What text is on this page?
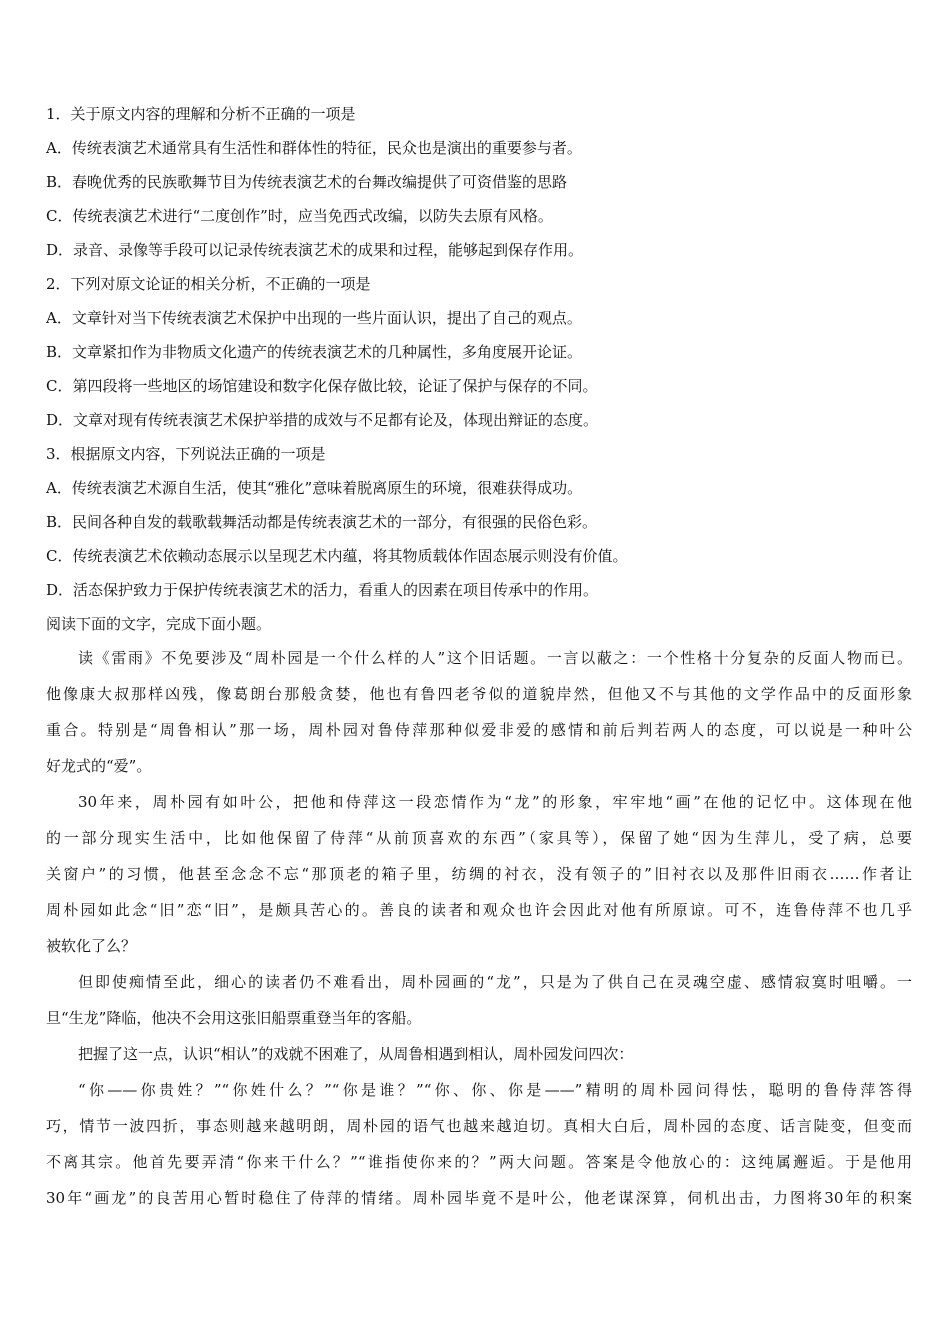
1．关于原文内容的理解和分析不正确的一项是
A．传统表演艺术通常具有生活性和群体性的特征，民众也是演出的重要参与者。
B．春晚优秀的民族歌舞节目为传统表演艺术的台舞改编提供了可资借鉴的思路
C．传统表演艺术进行“二度创作”时，应当免西式改编，以防失去原有风格。
D．录音、录像等手段可以记录传统表演艺术的成果和过程，能够起到保存作用。
2．下列对原文论证的相关分析，不正确的一项是
A．文章针对当下传统表演艺术保护中出现的一些片面认识，提出了自己的观点。
B．文章紧扣作为非物质文化遗产的传统表演艺术的几种属性，多角度展开论证。
C．第四段将一些地区的场馆建设和数字化保存做比较，论证了保护与保存的不同。
D．文章对现有传统表演艺术保护举措的成效与不足都有论及，体现出辩证的态度。
3．根据原文内容，下列说法正确的一项是
A．传统表演艺术源自生活，使其“雅化”意味着脱离原生的环境，很难获得成功。
B．民间各种自发的载歌载舞活动都是传统表演艺术的一部分，有很强的民俗色彩。
C．传统表演艺术依赖动态展示以呈现艺术内蕴，将其物质载体作固态展示则没有价值。
D．活态保护致力于保护传统表演艺术的活力，看重人的因素在项目传承中的作用。
阅读下面的文字，完成下面小题。
读《雷雨》不免要涉及“周朴园是一个什么样的人”这个旧话题。一言以蔽之：一个性格十分复杂的反面人物而已。
他像康大叔那样凶残，像葛朗台那般贪婪，他也有鲁四老爷似的道貌岸然，但他又不与其他的文学作品中的反面形象
重合。特别是“周鲁相认”那一场，周朴园对鲁侍萍那种似爱非爱的感情和前后判若两人的态度，可以说是一种叶公
好龙式的“爱”。
30年来，周朴园有如叶公，把他和侍萍这一段恋情作为“龙”的形象，牢牢地“画”在他的记忆中。这体现在他
的一部分现实生活中，比如他保留了侍萍“从前顶喜欢的东西”（家具等），保留了她“因为生萍儿，受了病，总要
关窗户”的习惯，他甚至念念不忘“那顶老的箱子里，纺绸的衬衣，没有领子的”旧衬衣以及那件旧雨衣……作者让
周朴园如此念“旧”恋“旧”，是颇具苦心的。善良的读者和观众也许会因此对他有所原谅。可不，连鲁侍萍不也几乎
被软化了么？
但即使痴情至此，细心的读者仍不难看出，周朴园画的“龙”，只是为了供自己在灵魂空虚、感情寂寞时咀嚼。一
旦“生龙”降临，他决不会用这张旧船票重登当年的客船。
把握了这一点，认识“相认”的戏就不困难了，从周鲁相遇到相认，周朴园发问四次：
“你——你贵姓？”“你姓什么？”“你是谁？”“你、你、你是——”精明的周朴园问得怯，聪明的鲁侍萍答得
巧，情节一波四折，事态则越来越明朗，周朴园的语气也越来越迫切。真相大白后，周朴园的态度、话言陡变，但变而
不离其宗。他首先要弄清“你来干什么？”“谁指使你来的？”两大问题。答案是令他放心的：这纯属邂逅。于是他用
30年“画龙”的良苦用心暂时稳住了侍萍的情绪。周朴园毕竟不是叶公，他老谋深算，伺机出击，力图将30年的积案
